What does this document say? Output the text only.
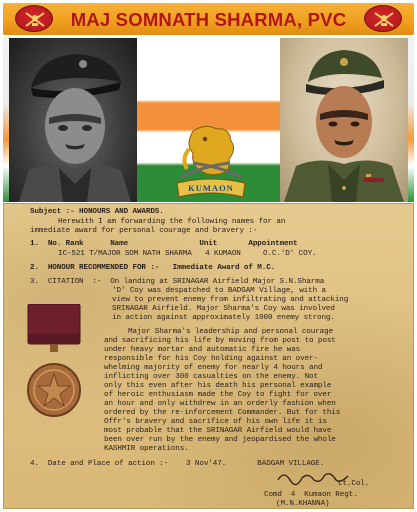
MAJ SOMNATH SHARMA, PVC
KUMAON
Subject :- HONOURS AND AWARDS.
Herewith I am forwarding the following names for an
immediate award for personal courage and bravery :-
1.  No. Rank      Name                Unit       Appointment
IC-521 T/MAJOR SOM NATH SHARMA   4 KUMAON     O.C.'D' COY.
2.  HONOUR RECOMMENDED FOR :-   Immediate Award of M.C.
3.  CITATION  :-  On landing at SRINAGAR Airfield Major S.N.Sharma
'D' Coy was despatched to BADGAM Village, with a
view to prevent enemy from infiltrating and attacking
SRINAGAR Airfield. Major Sharma's Coy was involved
in action against approximately 1000 enemy strong.
Major Sharma's leadership and personal courage
and sacrificing his life by moving from post to post
under heavy mortar and automatic fire he was
responsible for his Coy holding against an over-
whelming majority of enemy for nearly 4 hours and
inflicting over 300 casualties on the enemy. Not
only this even after his death his personal example
of heroic enthusiasm made the Coy to fight for over
an hour and only withdrew in an orderly fashion when
ordered by the re-inforcement Commander. But for this
Offr's bravery and sacrifice of his own life it is
most probable that the SRINAGAR Airfield would have
been over run by the enemy and jeopardised the whole
KASHMIR operations.
4.  Date and Place of action :-    3 Nov'47.       BADGAM VILLAGE.
Lt.Col.
Comd  4  Kumaon Regt.
(M.N.KHANNA)
